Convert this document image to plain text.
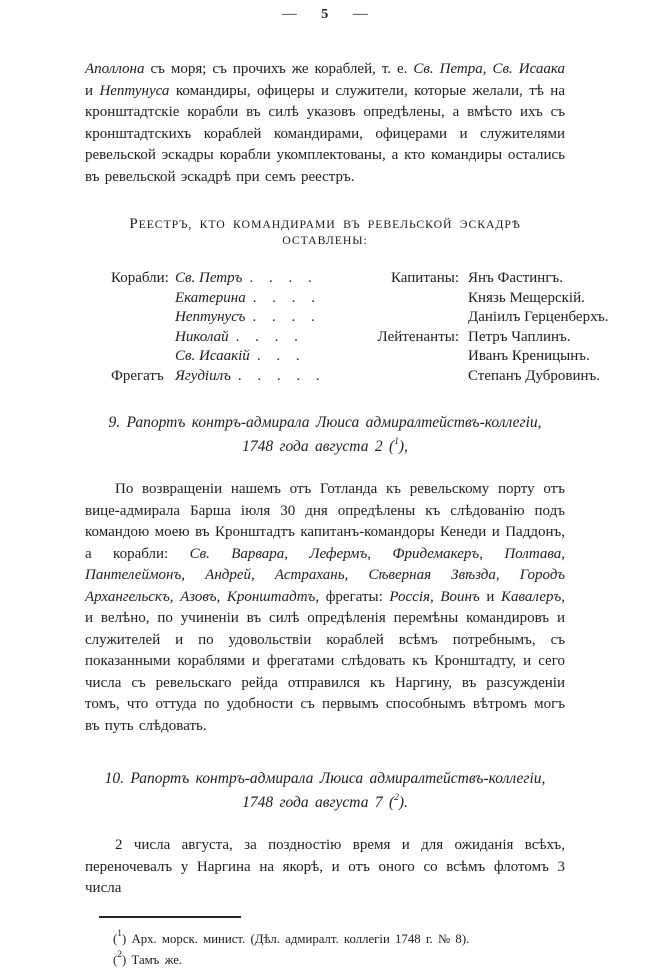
— 5 —

Аполлона съ моря; съ прочихъ же кораблей, т. е. Св. Петра, Св. Исаака и Нептунуса командиры, офицеры и служители, которые желали, тѣ на кронштадтскіе корабли въ силѣ указовъ опредѣлены, а вмѣсто ихъ съ кронштадтскихъ кораблей командирами, офицерами и служителями ревельской эскадры корабли укомплектованы, а кто командиры остались въ ревельской эскадрѣ при семъ реестръ.

РЕЕСТРЪ, КТО КОМАНДИРАМИ ВЪ РЕВЕЛЬСКОЙ ЭСКАДРѢ ОСТАВЛЕНЫ:
Корабли: Св. Петръ . . . .	Капитаны: Янъ Фастингъ.
Екатерина . . . .	Князь Мещерскій.
Нептунусъ . . . .	Даніилъ Герценберхъ.
Николай . . . .	Лейтенанты: Петръ Чаплинъ.
Св. Исаакій . . .	Иванъ Креницынъ.
Фрегатъ Ягудіилъ . . . . .	Степанъ Дубровинъ.
9. Рапортъ контръ-адмирала Люиса адмиралтействъ-коллегіи,
1748 года августа 2 ($^1$),

По возвращеніи нашемъ отъ Готланда къ ревельскому порту отъ вице-адмирала Барша іюля 30 дня опредѣлены къ слѣдованію подъ командою моею въ Кронштадтъ капитанъ-командоры Кенеди и Паддонъ, а корабли: Св. Варвара, Лефермъ, Фридемакеръ, Полтава, Пантелеймонъ, Андрей, Астрахань, Сѣверная Звѣзда, Городъ Архангельскъ, Азовъ, Кронштадтъ, фрегаты: Россія, Воинъ и Кавалеръ, и велѣно, по учиненіи въ силѣ опредѣленія перемѣны командировъ и служителей и по удовольствіи кораблей всѣмъ потребнымъ, съ показанными кораблями и фрегатами слѣдовать къ Кронштадту, и сего числа съ ревельскаго рейда отправился къ Наргину, въ разсужденіи томъ, что оттуда по удобности съ первымъ способнымъ вѣтромъ могъ въ путь слѣдовать.

10. Рапортъ контръ-адмирала Люиса адмиралтействъ-коллегіи,
1748 года августа 7 ($^2$).

2 числа августа, за поздностію время и для ожиданія всѣхъ, переночевалъ у Наргина на якорѣ, и отъ оного со всѣмъ флотомъ 3 числа

($^1$) Арх. морск. минист. (Дѣл. адмиралт. коллегіи 1748 г. № 8).
($^2$) Тамъ же.
